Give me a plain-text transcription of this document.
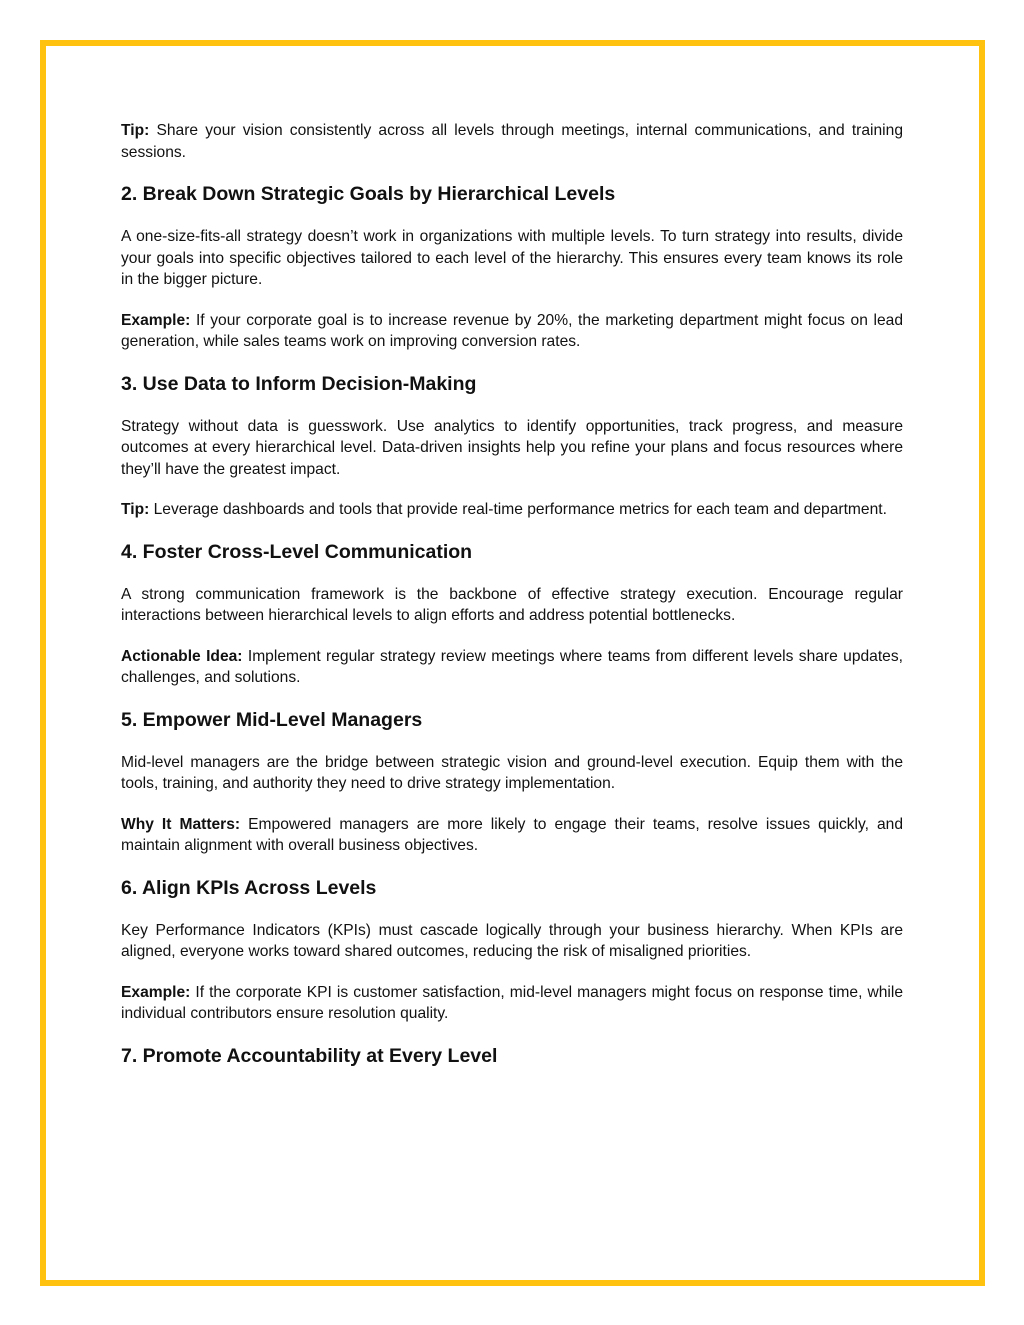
Tip: Share your vision consistently across all levels through meetings, internal communications, and training sessions.

2. Break Down Strategic Goals by Hierarchical Levels

A one-size-fits-all strategy doesn’t work in organizations with multiple levels. To turn strategy into results, divide your goals into specific objectives tailored to each level of the hierarchy. This ensures every team knows its role in the bigger picture.

Example: If your corporate goal is to increase revenue by 20%, the marketing department might focus on lead generation, while sales teams work on improving conversion rates.

3. Use Data to Inform Decision-Making

Strategy without data is guesswork. Use analytics to identify opportunities, track progress, and measure outcomes at every hierarchical level. Data-driven insights help you refine your plans and focus resources where they’ll have the greatest impact.

Tip: Leverage dashboards and tools that provide real-time performance metrics for each team and department.

4. Foster Cross-Level Communication

A strong communication framework is the backbone of effective strategy execution. Encourage regular interactions between hierarchical levels to align efforts and address potential bottlenecks.

Actionable Idea: Implement regular strategy review meetings where teams from different levels share updates, challenges, and solutions.

5. Empower Mid-Level Managers

Mid-level managers are the bridge between strategic vision and ground-level execution. Equip them with the tools, training, and authority they need to drive strategy implementation.

Why It Matters: Empowered managers are more likely to engage their teams, resolve issues quickly, and maintain alignment with overall business objectives.

6. Align KPIs Across Levels

Key Performance Indicators (KPIs) must cascade logically through your business hierarchy. When KPIs are aligned, everyone works toward shared outcomes, reducing the risk of misaligned priorities.

Example: If the corporate KPI is customer satisfaction, mid-level managers might focus on response time, while individual contributors ensure resolution quality.

7. Promote Accountability at Every Level
